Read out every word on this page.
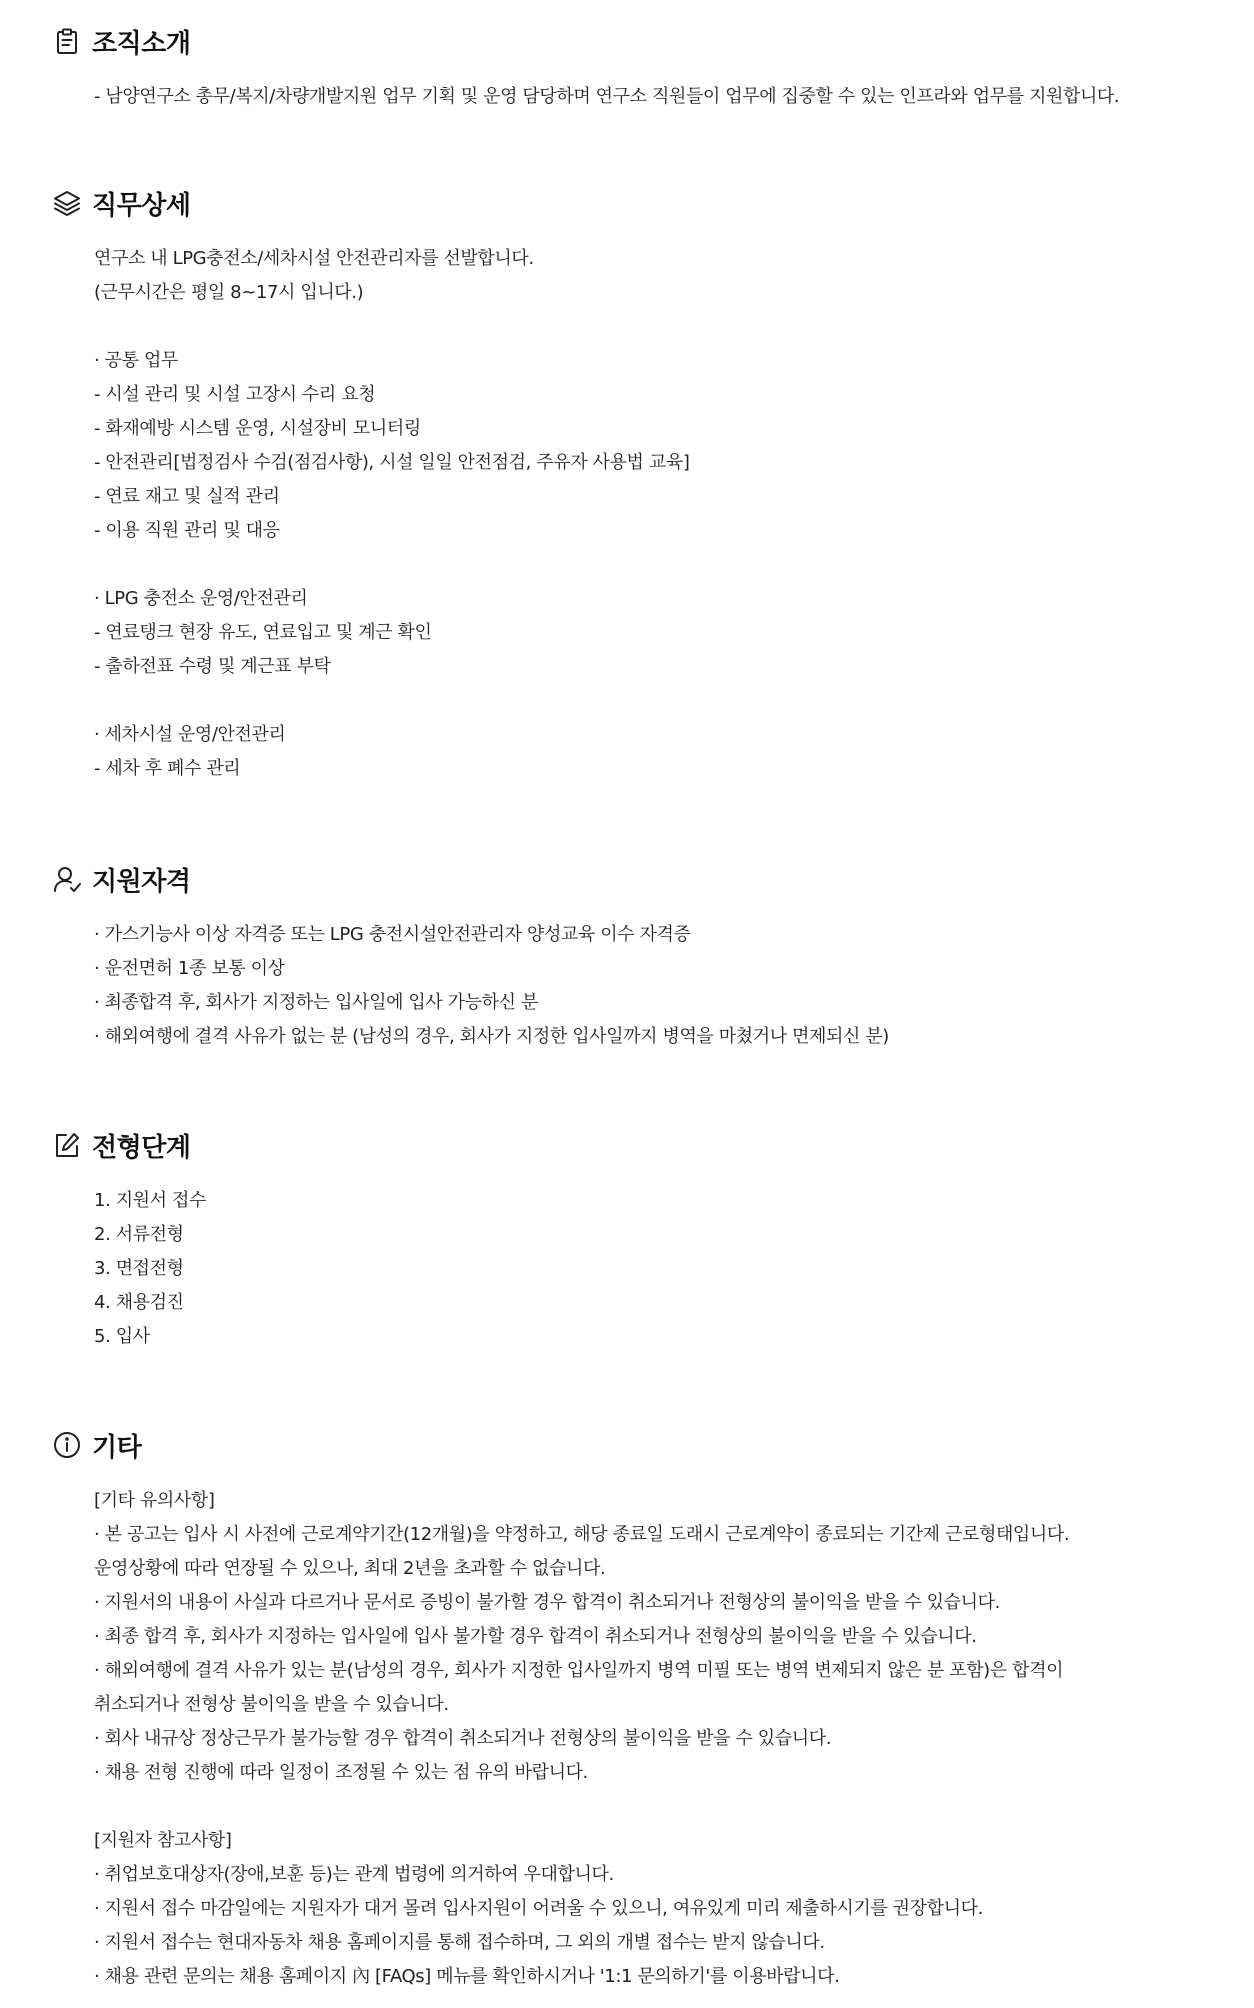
조직소개
- 남양연구소 총무/복지/차량개발지원 업무 기획 및 운영 담당하며 연구소 직원들이 업무에 집중할 수 있는 인프라와 업무를 지원합니다.
직무상세
연구소 내 LPG충전소/세차시설 안전관리자를 선발합니다.
(근무시간은 평일 8~17시 입니다.)
· 공통 업무
- 시설 관리 및 시설 고장시 수리 요청
- 화재예방 시스템 운영, 시설장비 모니터링
- 안전관리[법정검사 수검(점검사항), 시설 일일 안전점검, 주유자 사용법 교육]
- 연료 재고 및 실적 관리
- 이용 직원 관리 및 대응
· LPG 충전소 운영/안전관리
- 연료탱크 현장 유도, 연료입고 및 계근 확인
- 출하전표 수령 및 계근표 부탁
· 세차시설 운영/안전관리
- 세차 후 폐수 관리
지원자격
· 가스기능사 이상 자격증 또는 LPG 충전시설안전관리자 양성교육 이수 자격증
· 운전면허 1종 보통 이상
· 최종합격 후, 회사가 지정하는 입사일에 입사 가능하신 분
· 해외여행에 결격 사유가 없는 분 (남성의 경우, 회사가 지정한 입사일까지 병역을 마쳤거나 면제되신 분)
전형단계
1. 지원서 접수
2. 서류전형
3. 면접전형
4. 채용검진
5. 입사
기타
[기타 유의사항]
· 본 공고는 입사 시 사전에 근로계약기간(12개월)을 약정하고, 해당 종료일 도래시 근로계약이 종료되는 기간제 근로형태입니다.
운영상황에 따라 연장될 수 있으나, 최대 2년을 초과할 수 없습니다.
· 지원서의 내용이 사실과 다르거나 문서로 증빙이 불가할 경우 합격이 취소되거나 전형상의 불이익을 받을 수 있습니다.
· 최종 합격 후, 회사가 지정하는 입사일에 입사 불가할 경우 합격이 취소되거나 전형상의 불이익을 받을 수 있습니다.
· 해외여행에 결격 사유가 있는 분(남성의 경우, 회사가 지정한 입사일까지 병역 미필 또는 병역 변제되지 않은 분 포함)은 합격이
취소되거나 전형상 불이익을 받을 수 있습니다.
· 회사 내규상 정상근무가 불가능할 경우 합격이 취소되거나 전형상의 불이익을 받을 수 있습니다.
· 채용 전형 진행에 따라 일정이 조정될 수 있는 점 유의 바랍니다.
[지원자 참고사항]
· 취업보호대상자(장애,보훈 등)는 관계 법령에 의거하여 우대합니다.
· 지원서 접수 마감일에는 지원자가 대거 몰려 입사지원이 어려울 수 있으니, 여유있게 미리 제출하시기를 권장합니다.
· 지원서 접수는 현대자동차 채용 홈페이지를 통해 접수하며, 그 외의 개별 접수는 받지 않습니다.
· 채용 관련 문의는 채용 홈페이지 內 [FAQs] 메뉴를 확인하시거나 '1:1 문의하기'를 이용바랍니다.
